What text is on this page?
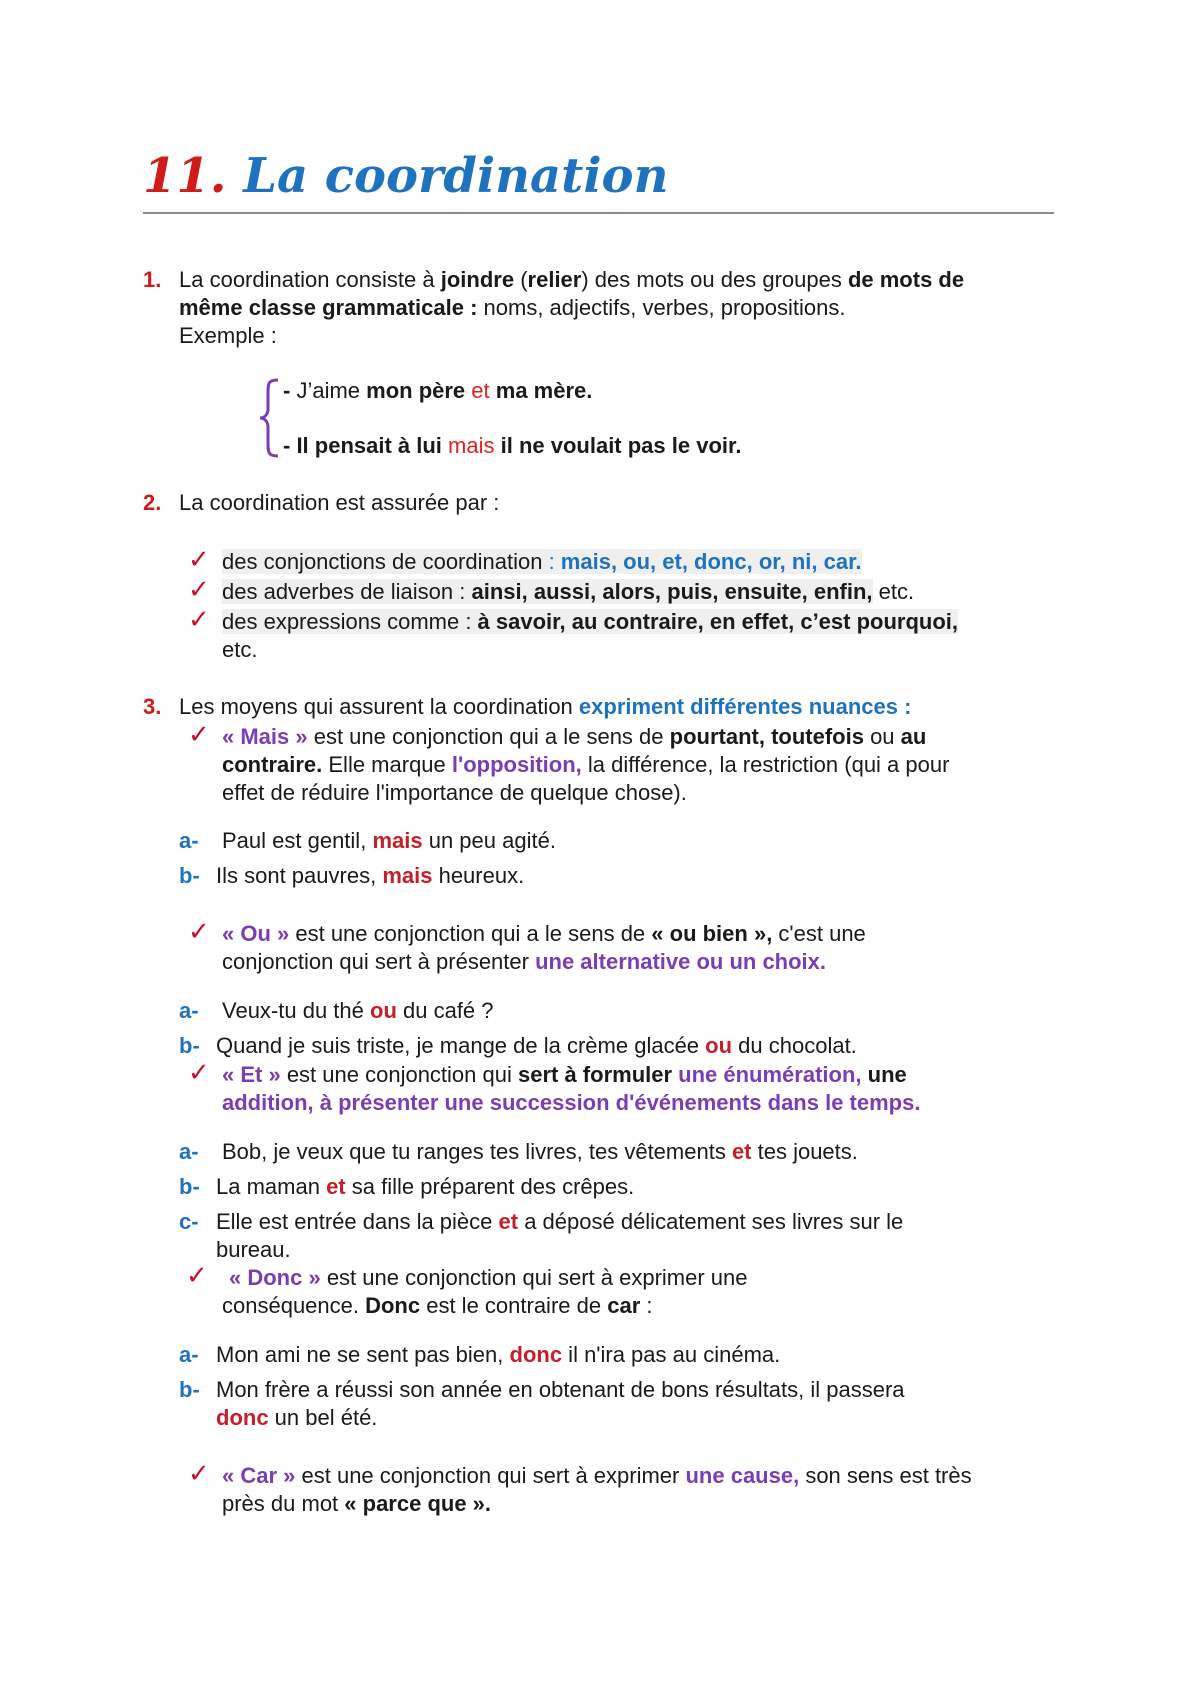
11. La coordination
1. La coordination consiste à joindre (relier) des mots ou des groupes de mots de
même classe grammaticale : noms, adjectifs, verbes, propositions.
Exemple :
- J’aime mon père et ma mère.
- Il pensait à lui mais il ne voulait pas le voir.
2. La coordination est assurée par :
✓ des conjonctions de coordination : mais, ou, et, donc, or, ni, car.
✓ des adverbes de liaison : ainsi, aussi, alors, puis, ensuite, enfin, etc.
✓ des expressions comme : à savoir, au contraire, en effet, c’est pourquoi,
etc.
3. Les moyens qui assurent la coordination expriment différentes nuances :
✓ « Mais » est une conjonction qui a le sens de pourtant, toutefois ou au
contraire. Elle marque l'opposition, la différence, la restriction (qui a pour
effet de réduire l'importance de quelque chose).
a- Paul est gentil, mais un peu agité.
b- Ils sont pauvres, mais heureux.
✓ « Ou » est une conjonction qui a le sens de « ou bien », c'est une
conjonction qui sert à présenter une alternative ou un choix.
a- Veux-tu du thé ou du café ?
b- Quand je suis triste, je mange de la crème glacée ou du chocolat.
✓ « Et » est une conjonction qui sert à formuler une énumération, une
addition, à présenter une succession d'événements dans le temps.
a- Bob, je veux que tu ranges tes livres, tes vêtements et tes jouets.
b- La maman et sa fille préparent des crêpes.
c- Elle est entrée dans la pièce et a déposé délicatement ses livres sur le
bureau.
✓ « Donc » est une conjonction qui sert à exprimer une
conséquence. Donc est le contraire de car :
a- Mon ami ne se sent pas bien, donc il n'ira pas au cinéma.
b- Mon frère a réussi son année en obtenant de bons résultats, il passera
donc un bel été.
✓ « Car » est une conjonction qui sert à exprimer une cause, son sens est très
près du mot « parce que ».
